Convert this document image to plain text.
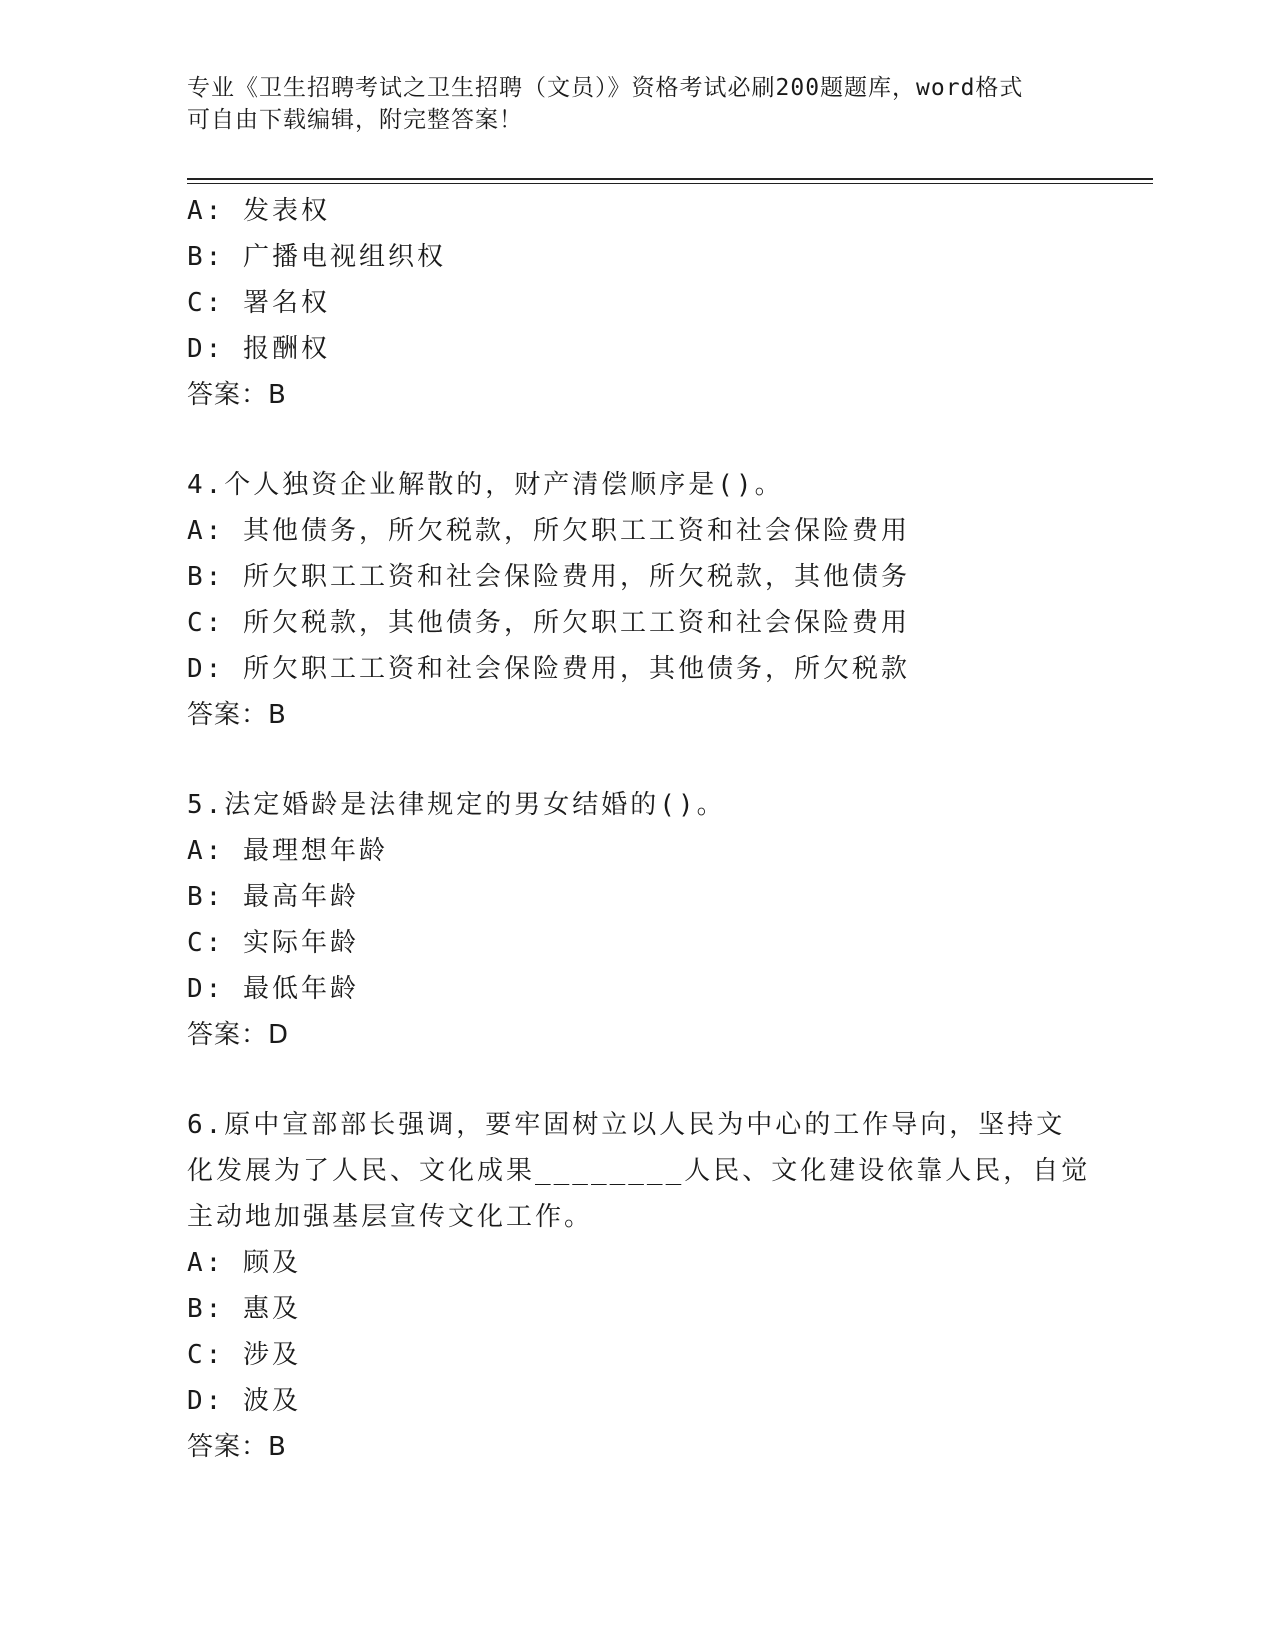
专业《卫生招聘考试之卫生招聘（文员）》资格考试必刷200题题库，word格式
可自由下载编辑，附完整答案！
A: 发表权
B: 广播电视组织权
C: 署名权
D: 报酬权
答案：B
4.个人独资企业解散的，财产清偿顺序是()。
A: 其他债务，所欠税款，所欠职工工资和社会保险费用
B: 所欠职工工资和社会保险费用，所欠税款，其他债务
C: 所欠税款，其他债务，所欠职工工资和社会保险费用
D: 所欠职工工资和社会保险费用，其他债务，所欠税款
答案：B
5.法定婚龄是法律规定的男女结婚的()。
A: 最理想年龄
B: 最高年龄
C: 实际年龄
D: 最低年龄
答案：D
6.原中宣部部长强调，要牢固树立以人民为中心的工作导向，坚持文
化发展为了人民、文化成果________人民、文化建设依靠人民，自觉
主动地加强基层宣传文化工作。
A: 顾及
B: 惠及
C: 涉及
D: 波及
答案：B
